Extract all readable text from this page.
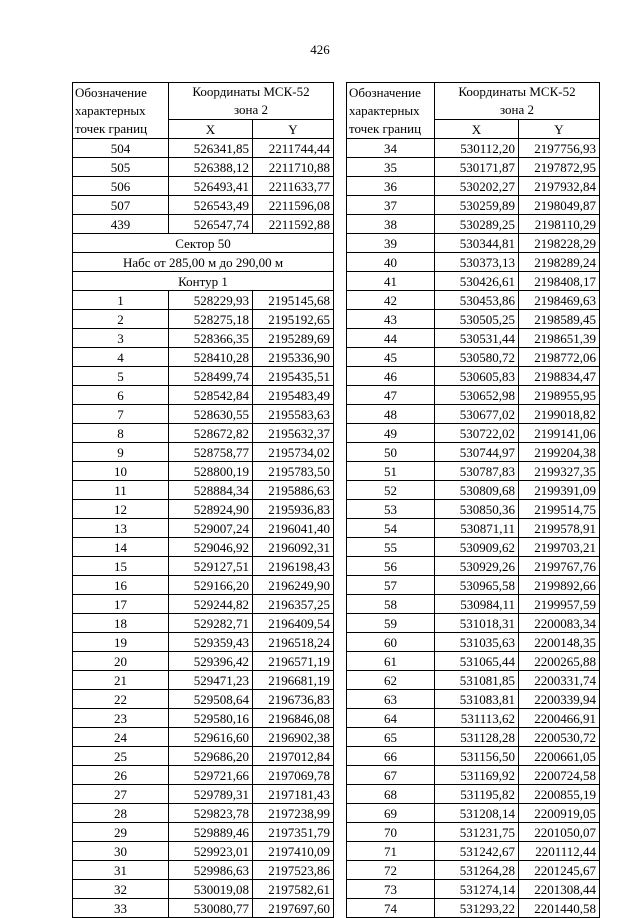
426
Обозначение
характерных
точек границ	Координаты МСК-52
зона 2	
	X	Y
504	526341,85	2211744,44
505	526388,12	2211710,88
506	526493,41	2211633,77
507	526543,49	2211596,08
439	526547,74	2211592,88
Сектор 50		
Набс от 285,00 м до 290,00 м		
Контур 1		
1	528229,93	2195145,68
2	528275,18	2195192,65
3	528366,35	2195289,69
4	528410,28	2195336,90
5	528499,74	2195435,51
6	528542,84	2195483,49
7	528630,55	2195583,63
8	528672,82	2195632,37
9	528758,77	2195734,02
10	528800,19	2195783,50
11	528884,34	2195886,63
12	528924,90	2195936,83
13	529007,24	2196041,40
14	529046,92	2196092,31
15	529127,51	2196198,43
16	529166,20	2196249,90
17	529244,82	2196357,25
18	529282,71	2196409,54
19	529359,43	2196518,24
20	529396,42	2196571,19
21	529471,23	2196681,19
22	529508,64	2196736,83
23	529580,16	2196846,08
24	529616,60	2196902,38
25	529686,20	2197012,84
26	529721,66	2197069,78
27	529789,31	2197181,43
28	529823,78	2197238,99
29	529889,46	2197351,79
30	529923,01	2197410,09
31	529986,63	2197523,86
32	530019,08	2197582,61
33	530080,77	2197697,60
Обозначение
характерных
точек границ	Координаты МСК-52
зона 2	
	X	Y
34	530112,20	2197756,93
35	530171,87	2197872,95
36	530202,27	2197932,84
37	530259,89	2198049,87
38	530289,25	2198110,29
39	530344,81	2198228,29
40	530373,13	2198289,24
41	530426,61	2198408,17
42	530453,86	2198469,63
43	530505,25	2198589,45
44	530531,44	2198651,39
45	530580,72	2198772,06
46	530605,83	2198834,47
47	530652,98	2198955,95
48	530677,02	2199018,82
49	530722,02	2199141,06
50	530744,97	2199204,38
51	530787,83	2199327,35
52	530809,68	2199391,09
53	530850,36	2199514,75
54	530871,11	2199578,91
55	530909,62	2199703,21
56	530929,26	2199767,76
57	530965,58	2199892,66
58	530984,11	2199957,59
59	531018,31	2200083,34
60	531035,63	2200148,35
61	531065,44	2200265,88
62	531081,85	2200331,74
63	531083,81	2200339,94
64	531113,62	2200466,91
65	531128,28	2200530,72
66	531156,50	2200661,05
67	531169,92	2200724,58
68	531195,82	2200855,19
69	531208,14	2200919,05
70	531231,75	2201050,07
71	531242,67	2201112,44
72	531264,28	2201245,67
73	531274,14	2201308,44
74	531293,22	2201440,58
